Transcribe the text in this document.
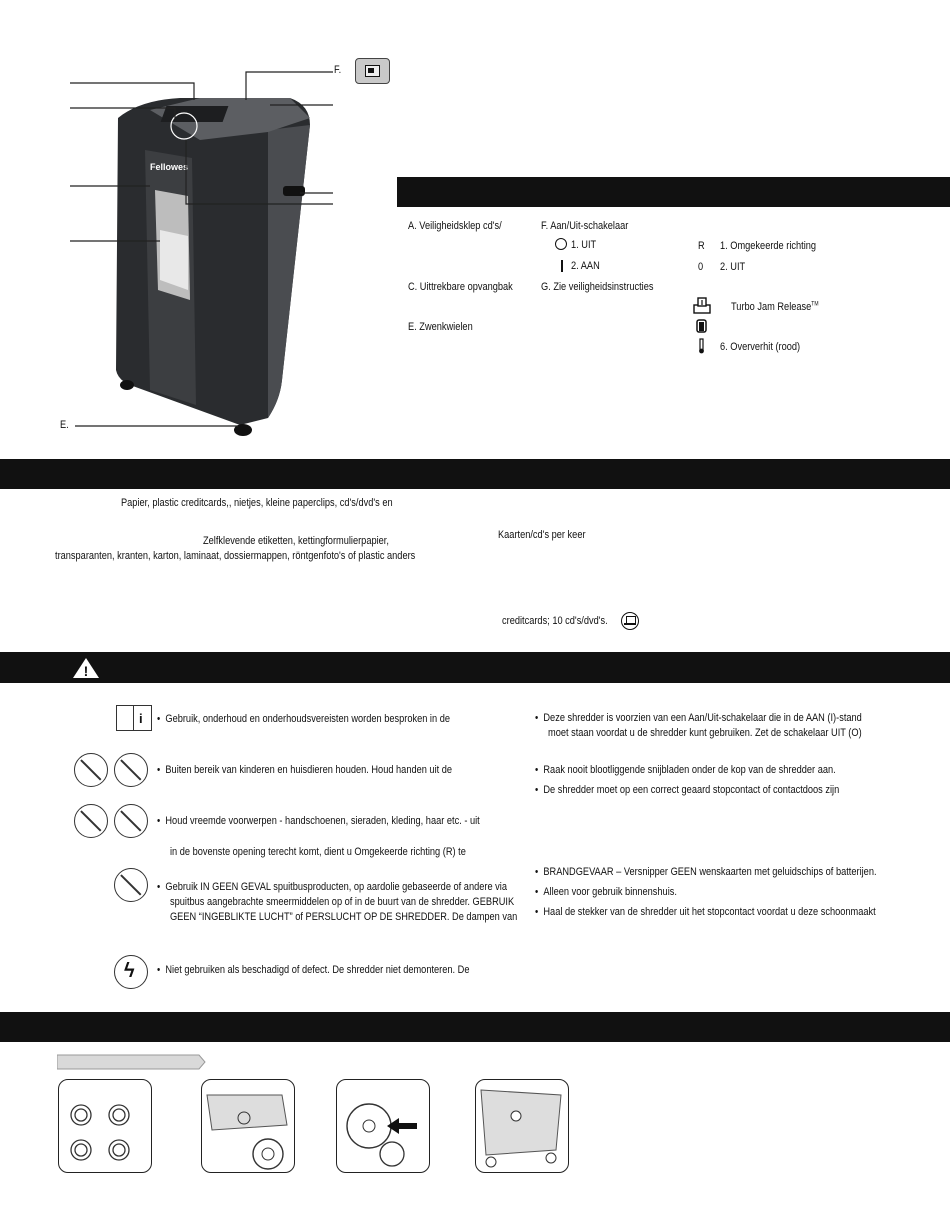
Fellowes
F.
E.
A. Veiligheidsklep cd's/
C. Uittrekbare opvangbak
E. Zwenkwielen
F. Aan/Uit-schakelaar
1. UIT
2. AAN
G. Zie veiligheidsinstructies
R 1. Omgekeerde richting
0 2. UIT
Turbo Jam Release™
6. Oververhit (rood)
Papier, plastic creditcards,, nietjes, kleine paperclips, cd's/dvd's en
Zelfklevende etiketten, kettingformulierpapier,
transparanten, kranten, karton, laminaat, dossiermappen, röntgenfoto's of plastic anders
Kaarten/cd's per keer
creditcards; 10 cd's/dvd's.
!
i
ϟ
• Gebruik, onderhoud en onderhoudsvereisten worden besproken in de
• Buiten bereik van kinderen en huisdieren houden. Houd handen uit de
• Houd vreemde voorwerpen - handschoenen, sieraden, kleding, haar etc. - uit
in de bovenste opening terecht komt, dient u Omgekeerde richting (R) te
• Gebruik IN GEEN GEVAL spuitbusproducten, op aardolie gebaseerde of andere via
spuitbus aangebrachte smeermiddelen op of in de buurt van de shredder. GEBRUIK
GEEN “INGEBLIKTE LUCHT” of PERSLUCHT OP DE SHREDDER. De dampen van
• Niet gebruiken als beschadigd of defect. De shredder niet demonteren. De
• Deze shredder is voorzien van een Aan/Uit-schakelaar die in de AAN (I)-stand
moet staan voordat u de shredder kunt gebruiken. Zet de schakelaar UIT (O)
• Raak nooit blootliggende snijbladen onder de kop van de shredder aan.
• De shredder moet op een correct geaard stopcontact of contactdoos zijn
• BRANDGEVAAR – Versnipper GEEN wenskaarten met geluidschips of batterijen.
• Alleen voor gebruik binnenshuis.
• Haal de stekker van de shredder uit het stopcontact voordat u deze schoonmaakt
